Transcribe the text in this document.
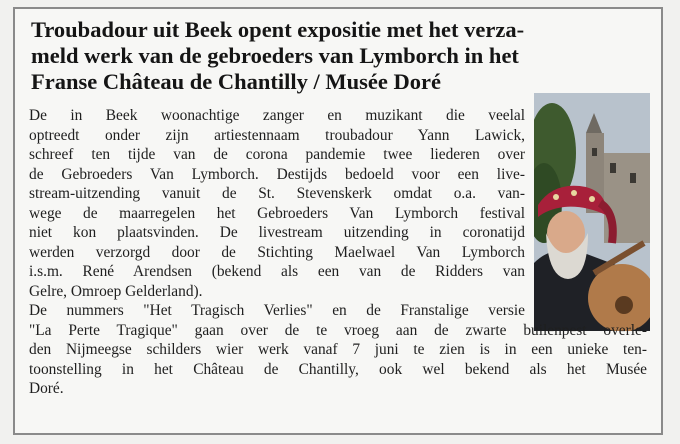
Troubadour uit Beek opent expositie met het verza-
meld werk van de gebroeders van Lymborch in het
Franse Château de Chantilly / Musée Doré
De in Beek woonachtige zanger en muzikant die veelal
optreedt onder zijn artiestennaam troubadour Yann Lawick,
schreef ten tijde van de corona pandemie twee liederen over
de Gebroeders Van Lymborch. Destijds bedoeld voor een live-
stream-uitzending vanuit de St. Stevenskerk omdat o.a. van-
wege de maarregelen het Gebroeders Van Lymborch festival
niet kon plaatsvinden. De livestream uitzending in coronatijd
werden verzorgd door de Stichting Maelwael Van Lymborch
i.s.m. René Arendsen (bekend als een van de Ridders van
Gelre, Omroep Gelderland).
De nummers "Het Tragisch Verlies" en de Franstalige versie
"La Perte Tragique" gaan over de te vroeg aan de zwarte builenpest overle-
den Nijmeegse schilders wier werk vanaf 7 juni te zien is in een unieke ten-
toonstelling in het Château de Chantilly, ook wel bekend als het Musée
Doré.
